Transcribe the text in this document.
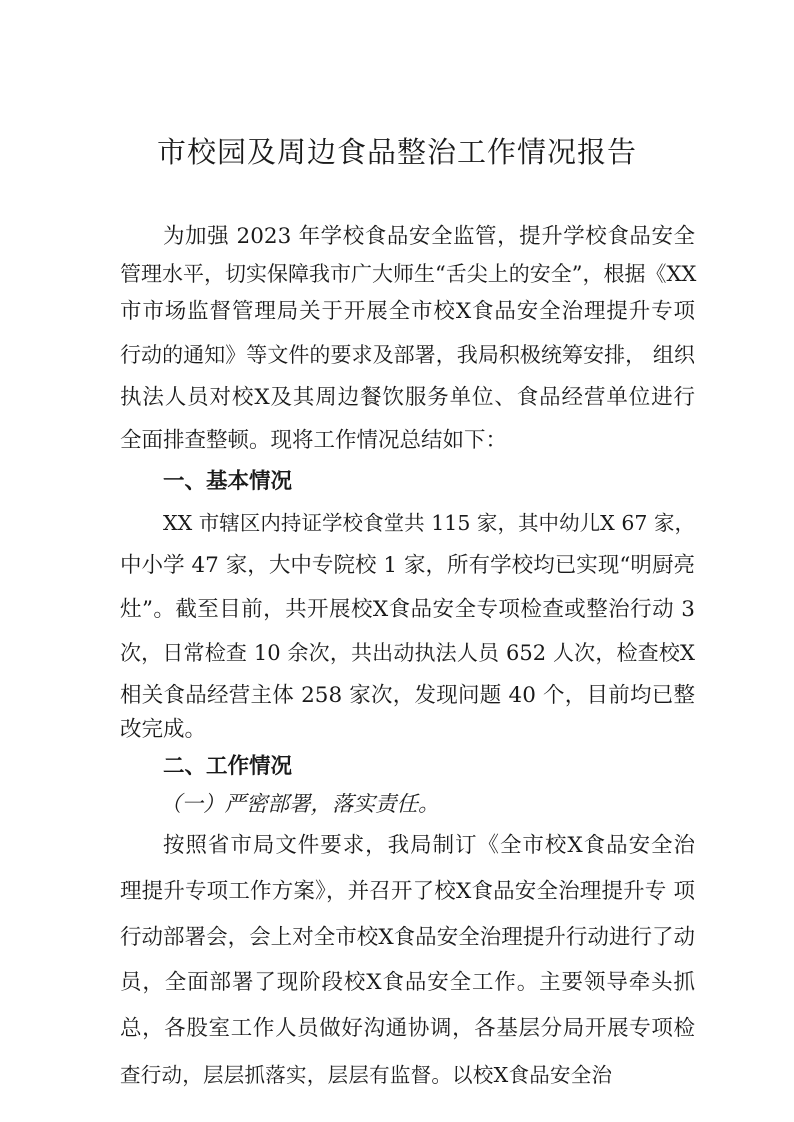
市校园及周边食品整治工作情况报告
为加强 2023 年学校食品安全监管，提升学校食品安全
管理水平，切实保障我市广大师生“舌尖上的安全”，根据《XX
市市场监督管理局关于开展全市校X食品安全治理提升专项
行动的通知》等文件的要求及部署，我局积极统筹安排， 组织
执法人员对校X及其周边餐饮服务单位、食品经营单位进行
全面排查整顿。现将工作情况总结如下：
一、基本情况
XX 市辖区内持证学校食堂共 115 家，其中幼儿X 67 家，
中小学 47 家，大中专院校 1 家，所有学校均已实现“明厨亮
灶”。截至目前，共开展校X食品安全专项检查或整治行动 3
次，日常检查 10 余次，共出动执法人员 652 人次，检查校X
相关食品经营主体 258 家次，发现问题 40 个，目前均已整
改完成。
二、工作情况
（一）严密部署，落实责任。
按照省市局文件要求，我局制订《全市校X食品安全治
理提升专项工作方案》，并召开了校X食品安全治理提升专 项
行动部署会，会上对全市校X食品安全治理提升行动进行了动
员，全面部署了现阶段校X食品安全工作。主要领导牵头抓
总，各股室工作人员做好沟通协调，各基层分局开展专项检
查行动，层层抓落实，层层有监督。以校X食品安全治
